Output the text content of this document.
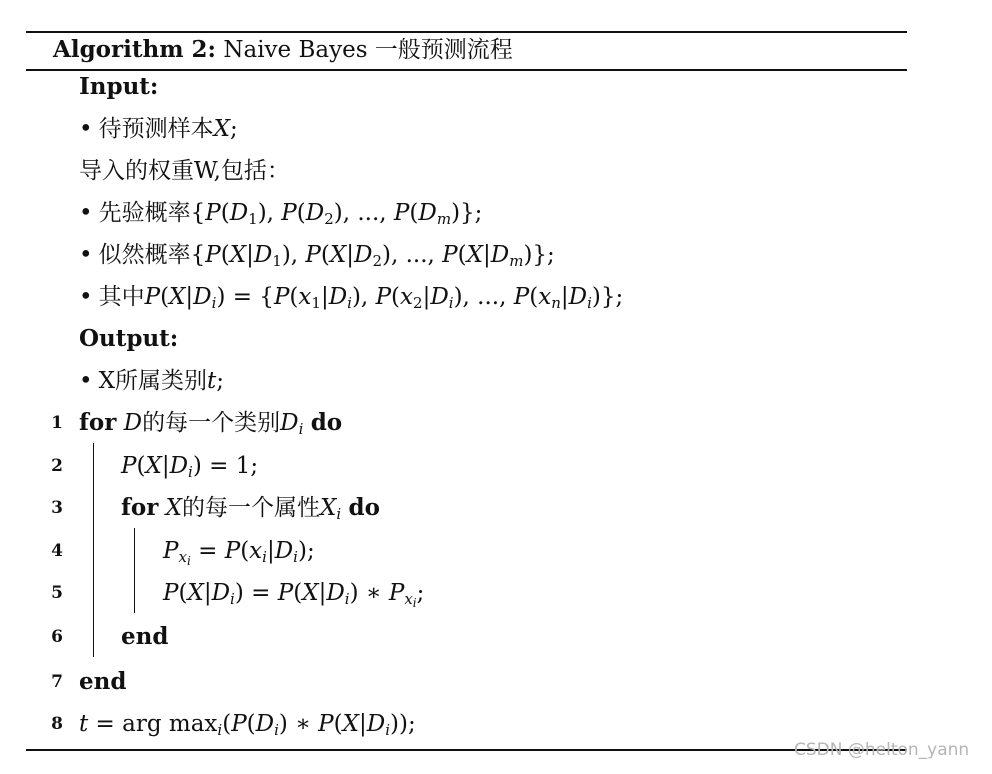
Algorithm 2: Naive Bayes 一般预测流程
Input:
• 待预测样本X;
导入的权重W,包括：
• 先验概率{$P(D_1)$, $P(D_2)$, ..., $P(D_m)$};
• 似然概率{$P(X|D_1)$, $P(X|D_2)$, ..., $P(X|D_m)$};
• 其中$P(X|D_i) = \{P(x_1|D_i)$, $P(x_2|D_i)$, ..., $P(x_n|D_i)$};
Output:
• X所属类别t;
1 for D的每一个类别$D_i$ do
2	$P(X|D_i) = 1$;
3	for X的每一个属性$X_i$ do
4	$P_{x_i} = P(x_i|D_i)$;
5	$P(X|D_i) = P(X|D_i)$ ∗ $P_{x_i}$;
6	end
7 end
8 t = arg $\max_i(P(D_i)$ ∗ $P(X|D_i)$);
CSDN @helton_yann
